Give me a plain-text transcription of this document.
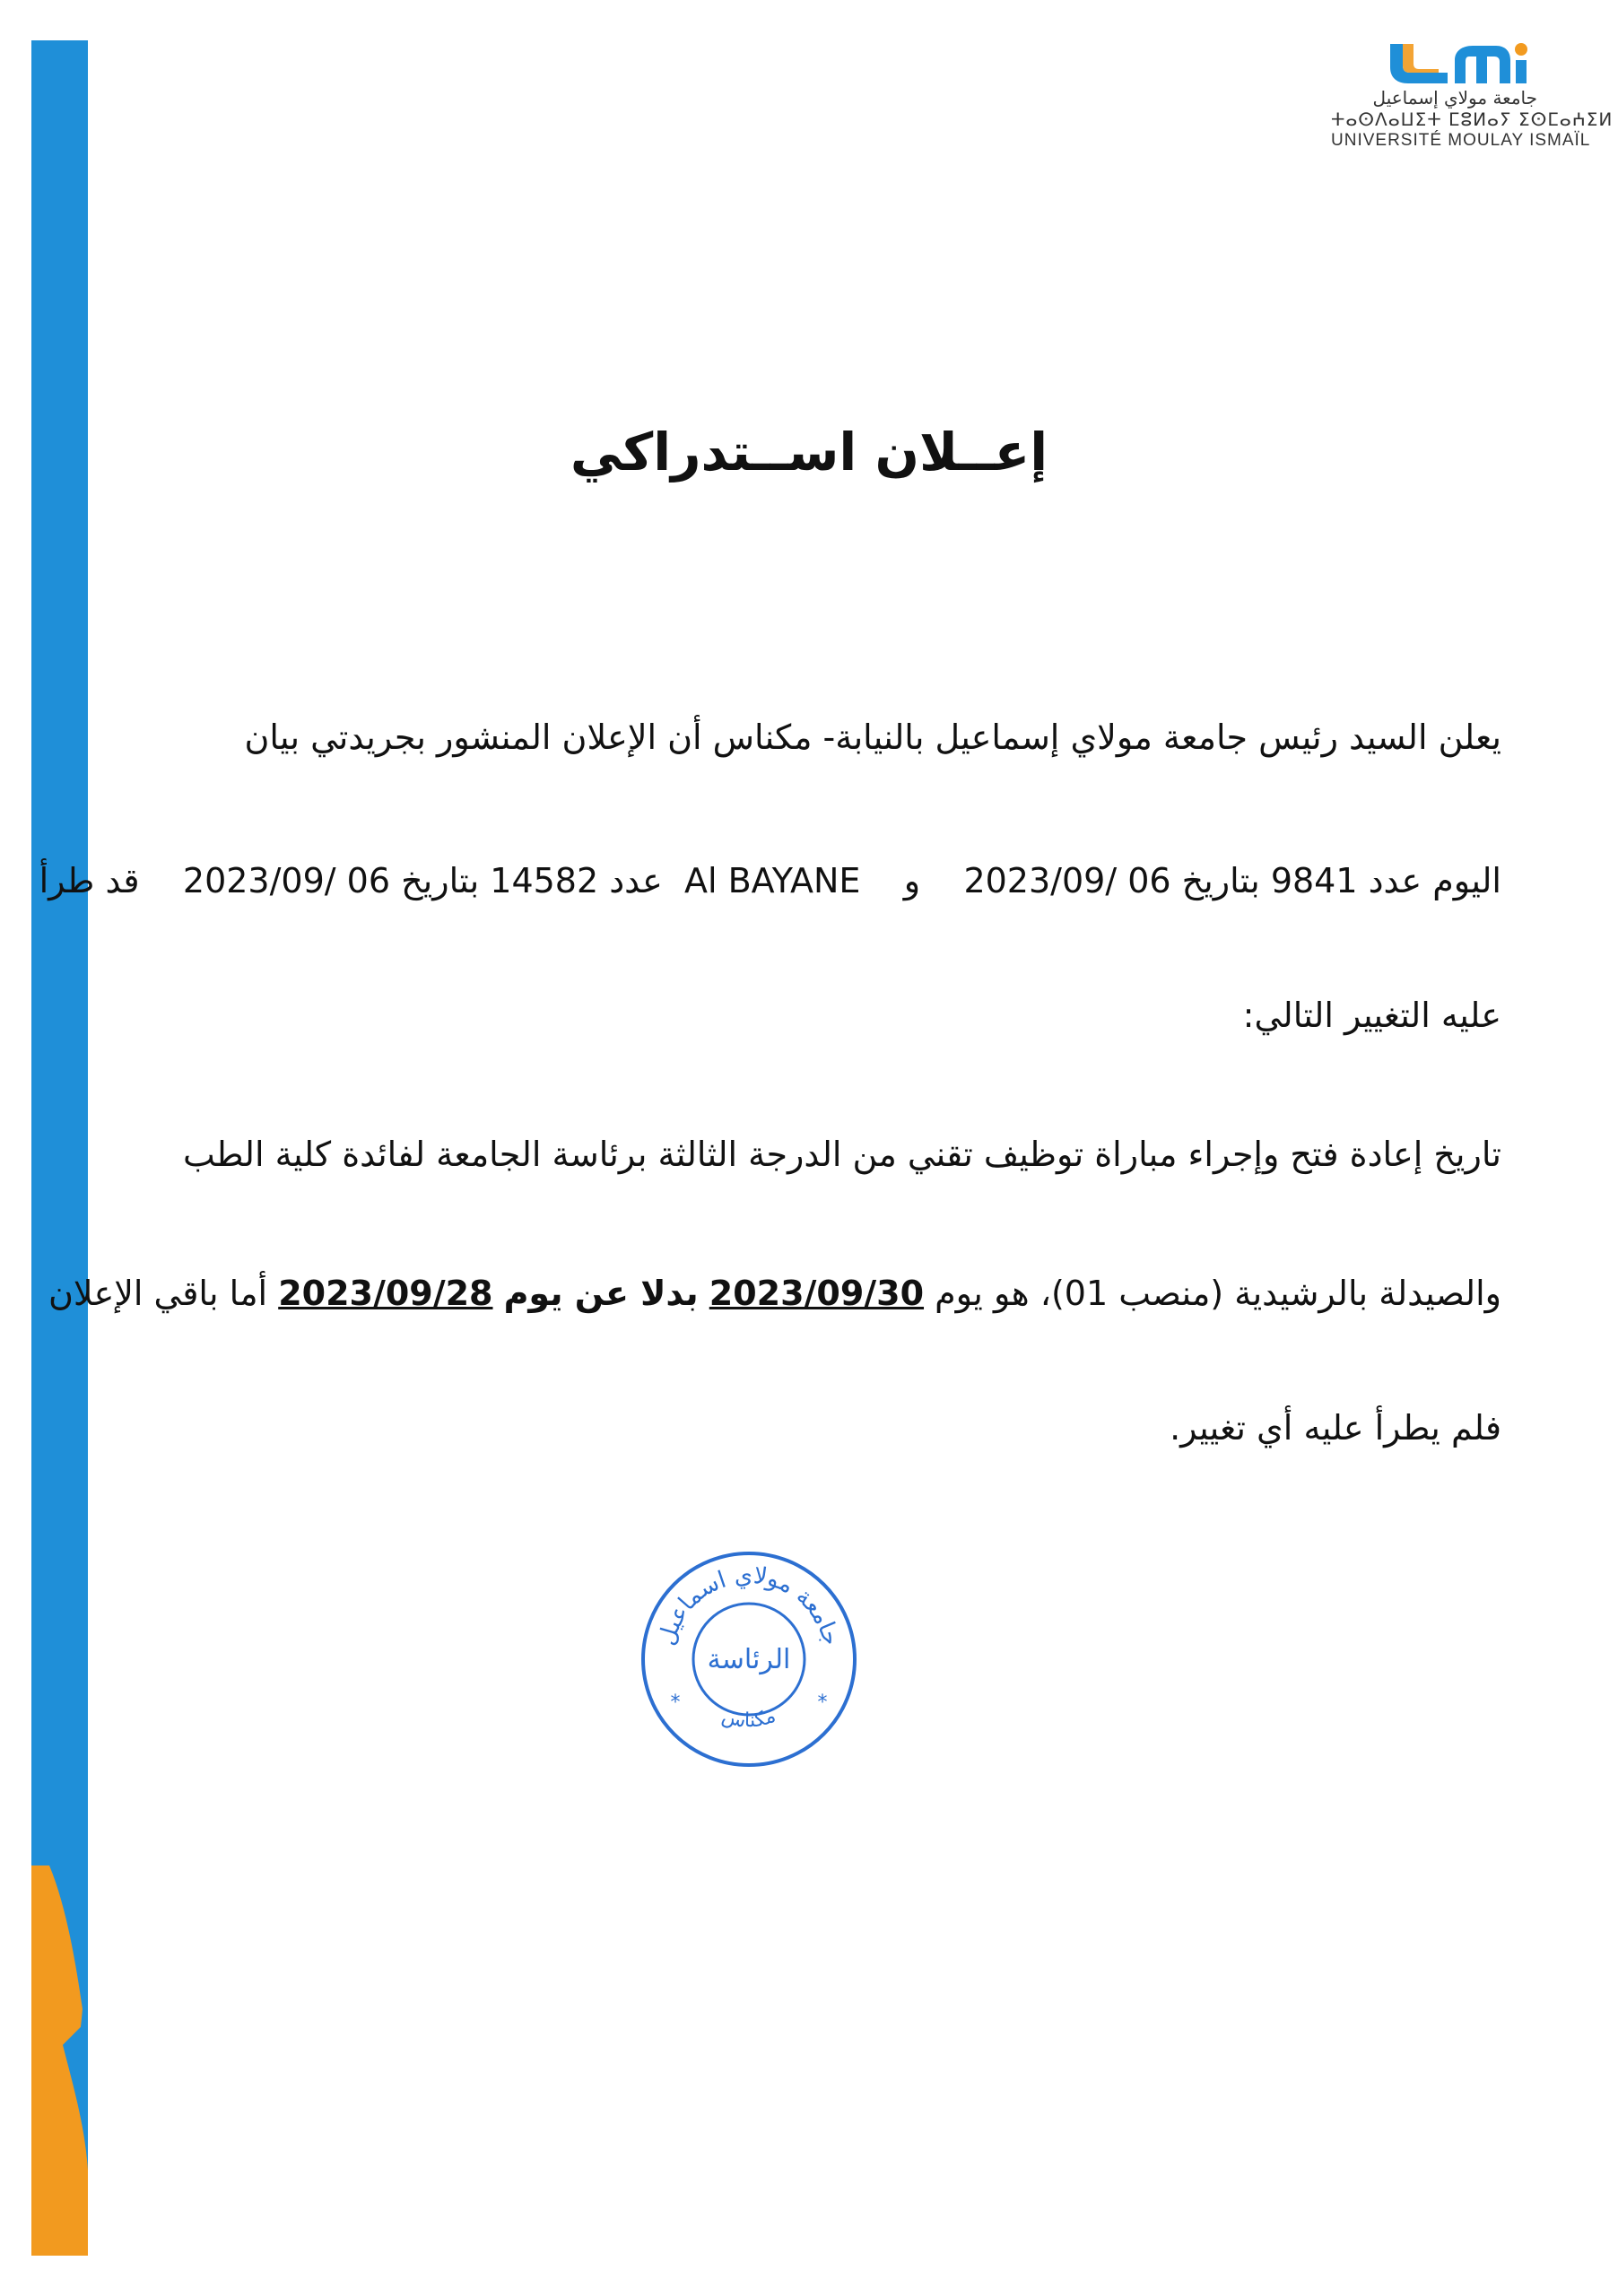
جامعة مولاي إسماعيل
ⵜⴰⵙⴷⴰⵡⵉⵜ ⵎⵓⵍⴰⵢ ⵉⵙⵎⴰⵄⵉⵍ
UNIVERSITÉ MOULAY ISMAÏL
إعــلان اســتدراكي
يعلن السيد رئيس جامعة مولاي إسماعيل بالنيابة- مكناس أن الإعلان المنشور بجريدتي بيان
اليوم عدد 9841 بتاريخ 06 /2023/09    و    Al BAYANE  عدد 14582 بتاريخ 06 /2023/09    قد طرأ
عليه التغيير التالي:
تاريخ إعادة فتح وإجراء مباراة توظيف تقني من الدرجة الثالثة برئاسة الجامعة لفائدة كلية الطب
والصيدلة بالرشيدية (منصب 01)، هو يوم 2023/09/30 بدلا عن يوم 2023/09/28 أما باقي الإعلان
فلم يطرأ عليه أي تغيير.
جامعة مولاي اسماعيل
مكناس
الرئاسة
*	*
